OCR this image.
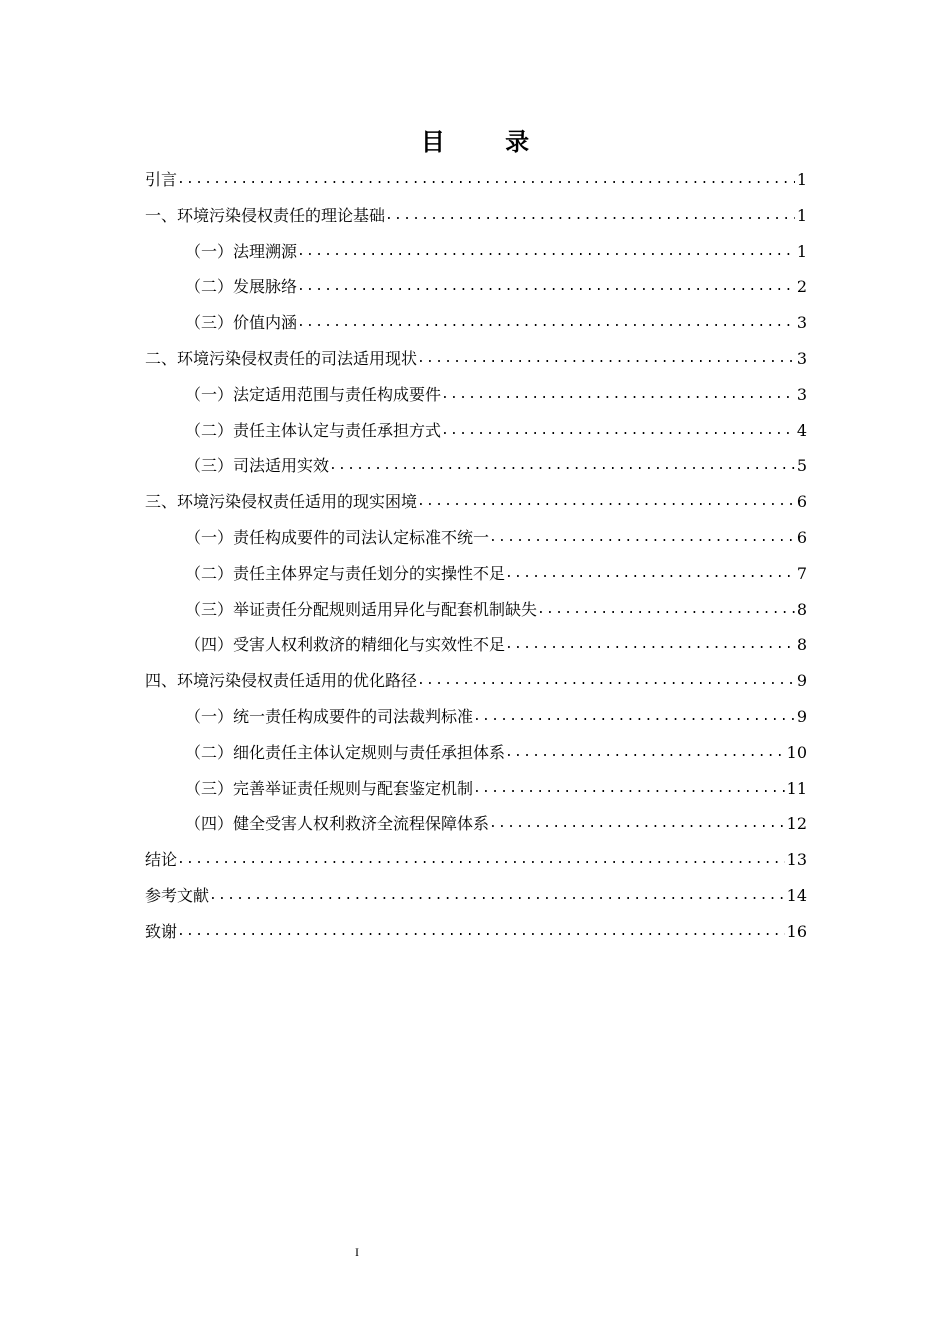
目 录
引言 .....	1
一、环境污染侵权责任的理论基础 .....	1
（一）法理溯源 .....	1
（二）发展脉络 .....	2
（三）价值内涵 .....	3
二、环境污染侵权责任的司法适用现状 .....	3
（一）法定适用范围与责任构成要件 .....	3
（二）责任主体认定与责任承担方式 .....	4
（三）司法适用实效 .....	5
三、环境污染侵权责任适用的现实困境 .....	6
（一）责任构成要件的司法认定标准不统一 .....	6
（二）责任主体界定与责任划分的实操性不足 .....	7
（三）举证责任分配规则适用异化与配套机制缺失 .....	8
（四）受害人权利救济的精细化与实效性不足 .....	8
四、环境污染侵权责任适用的优化路径 .....	9
（一）统一责任构成要件的司法裁判标准 .....	9
（二）细化责任主体认定规则与责任承担体系 .....	10
（三）完善举证责任规则与配套鉴定机制 .....	11
（四）健全受害人权利救济全流程保障体系 .....	12
结论 .....	13
参考文献 .....	14
致谢 .....	16
I
